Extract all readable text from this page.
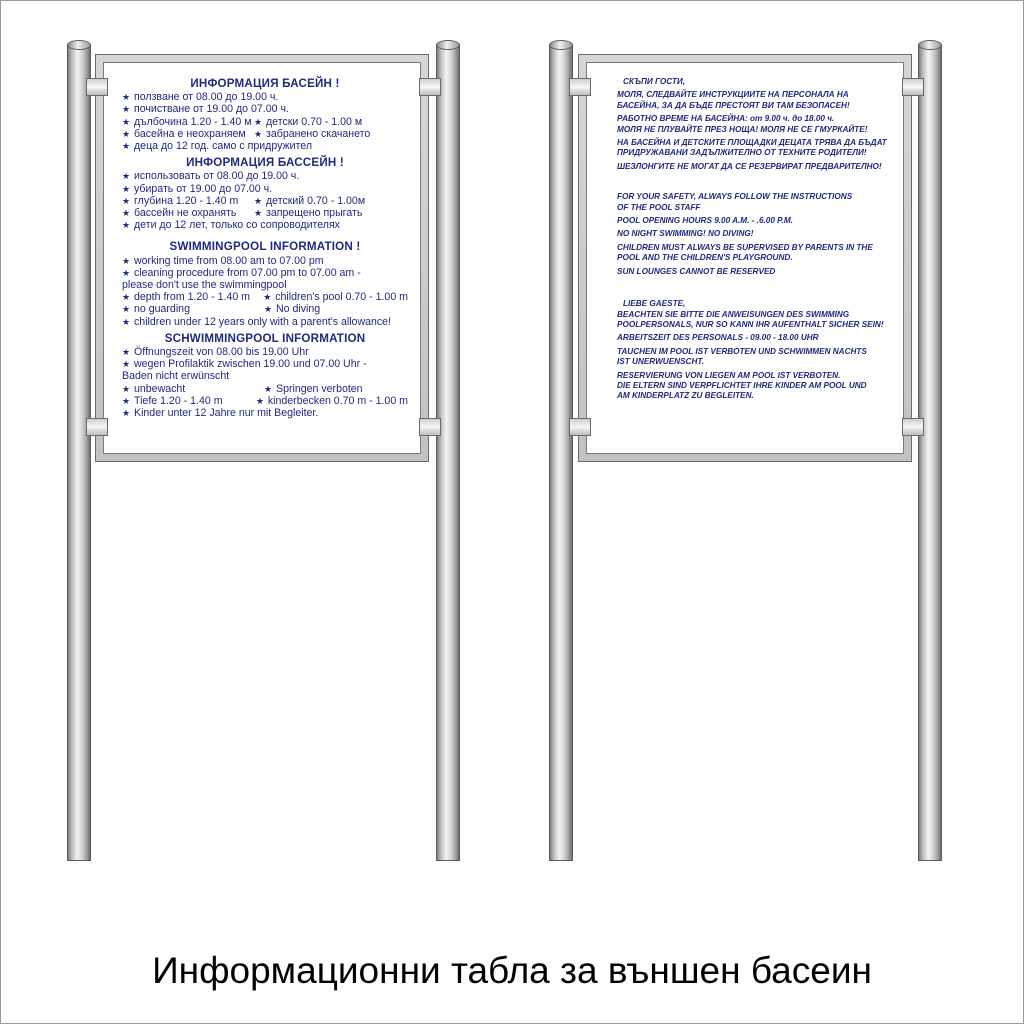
ИНФОРМАЦИЯ БАСЕЙН !
★ ползване от 08.00 до 19.00 ч.
★ почистване от 19.00 до 07.00 ч.
★ дълбочина 1.20 - 1.40 м ★ детски 0.70 - 1.00 м
★ басейна е неохраняем ★ забранено скачането
★ деца до 12 год. само с придружител
ИНФОРМАЦИЯ БАССЕЙН !
★ использовать от 08.00 до 19.00 ч.
★ убирать от 19.00 до 07.00 ч.
★ глубина 1.20 - 1.40 m ★ детский 0.70 - 1.00м
★ бассейн не охранять ★ запрещено прыгать
★ дети до 12 лет, только со сопроводителях
SWIMMINGPOOL INFORMATION !
★ working time from 08.00 am to 07.00 pm
★ cleaning procedure from 07.00 pm to 07.00 am -
please don't use the swimmingpool
★ depth from 1.20 - 1.40 m ★ children's pool 0.70 - 1.00 m
★ no guarding	★ No diving
★ children under 12 years only with a parent's allowance!
SCHWIMMINGPOOL INFORMATION
★ Öffnungszeit von 08.00 bis 19.00 Uhr
★ wegen Profilaktik zwischen 19.00 und 07.00 Uhr -
Baden nicht erwünscht
★ unbewacht	★ Springen verboten
★ Tiefe 1.20 - 1.40 m	★ kinderbecken 0.70 m - 1.00 m
★ Kinder unter 12 Jahre nur mit Begleiter.

СКЪПИ ГОСТИ,

МОЛЯ, СЛЕДВАЙТЕ ИНСТРУКЦИИТЕ НА ПЕРСОНАЛА НА

БАСЕЙНА, ЗА ДА БЪДЕ ПРЕСТОЯТ ВИ ТАМ БЕЗОПАСЕН!

РАБОТНО ВРЕМЕ НА БАСЕЙНА: от 9.00 ч. до 18.00 ч.

МОЛЯ НЕ ПЛУВАЙТЕ ПРЕЗ НОЩА! МОЛЯ НЕ СЕ ГМУРКАЙТЕ!

НА БАСЕЙНА И ДЕТСКИТЕ ПЛОЩАДКИ ДЕЦАТА ТРЯВА ДА БЪДАТ

ПРИДРУЖАВАНИ ЗАДЪЛЖИТЕЛНО ОТ ТЕХНИТЕ РОДИТЕЛИ!

ШЕЗЛОНГИТЕ НЕ МОГАТ ДА СЕ РЕЗЕРВИРАТ ПРЕДВАРИТЕЛНО!

FOR YOUR SAFETY, ALWAYS FOLLOW THE INSTRUCTIONS

OF THE POOL STAFF

POOL OPENING HOURS 9.00 A.M. - .6.00 P.M.

NO NIGHT SWIMMING! NO DIVING!

CHILDREN MUST ALWAYS BE SUPERVISED BY PARENTS IN THE

POOL AND THE CHILDREN'S PLAYGROUND.

SUN LOUNGES CANNOT BE RESERVED

LIEBE GAESTE,

BEACHTEN SIE BITTE DIE ANWEISUNGEN DES SWIMMING

POOLPERSONALS, NUR SO KANN IHR AUFENTHALT SICHER SEIN!

ARBEITSZEIT DES PERSONALS - 09.00 - 18.00 UHR

TAUCHEN IM POOL IST VERBOTEN UND SCHWIMMEN NACHTS

IST UNERWUENSCHT.

RESERVIERUNG VON LIEGEN AM POOL IST VERBOTEN.

DIE ELTERN SIND VERPFLICHTET IHRE KINDER AM POOL UND

AM KINDERPLATZ ZU BEGLEITEN.

Информационни табла за външен басеин
